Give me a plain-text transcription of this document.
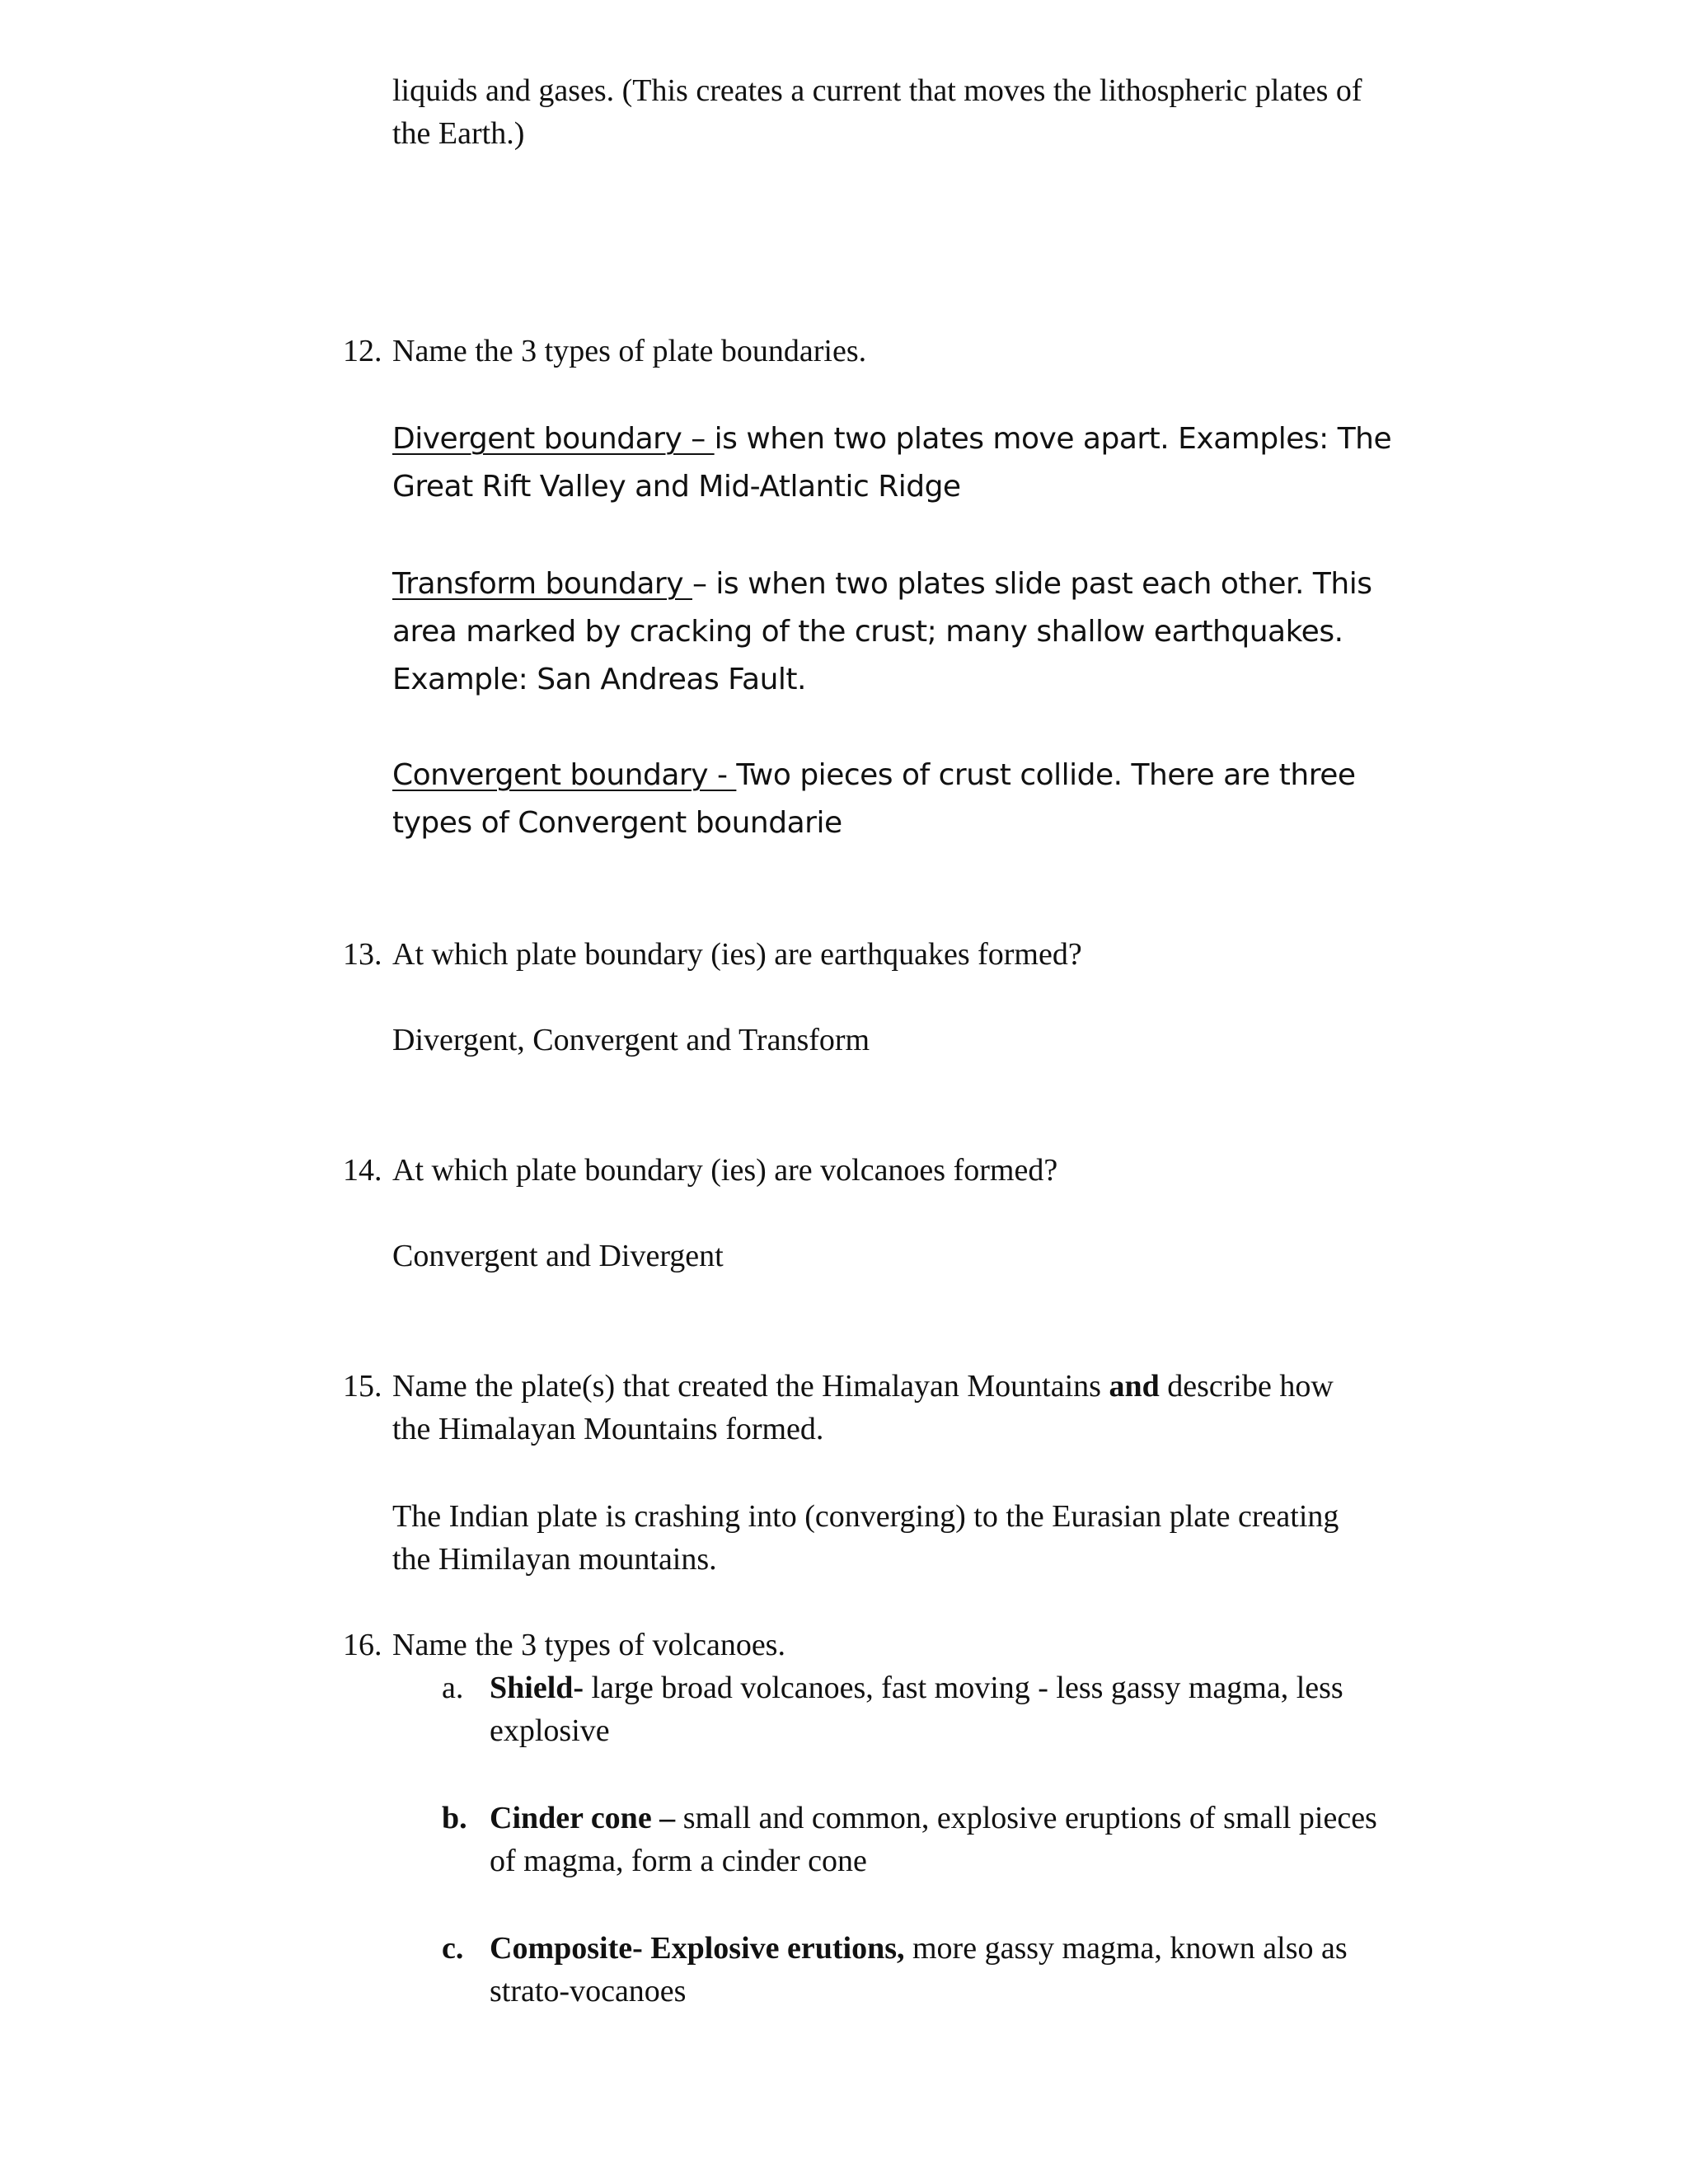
liquids and gases. (This creates a current that moves the lithospheric plates of
the Earth.)
12. Name the 3 types of plate boundaries.
Divergent boundary – is when two plates move apart. Examples: The
Great Rift Valley and Mid-Atlantic Ridge
Transform boundary – is when two plates slide past each other. This
area marked by cracking of the crust; many shallow earthquakes.
Example: San Andreas Fault.
Convergent boundary - Two pieces of crust collide. There are three
types of Convergent boundarie
13. At which plate boundary (ies) are earthquakes formed?
Divergent, Convergent and Transform
14. At which plate boundary (ies) are volcanoes formed?
Convergent and Divergent
15. Name the plate(s) that created the Himalayan Mountains and describe how
the Himalayan Mountains formed.
The Indian plate is crashing into (converging) to the Eurasian plate creating
the Himilayan mountains.
16. Name the 3 types of volcanoes.
a. Shield- large broad volcanoes, fast moving - less gassy magma, less
explosive
b. Cinder cone – small and common, explosive eruptions of small pieces
of magma, form a cinder cone
c. Composite- Explosive erutions, more gassy magma, known also as
strato-vocanoes
